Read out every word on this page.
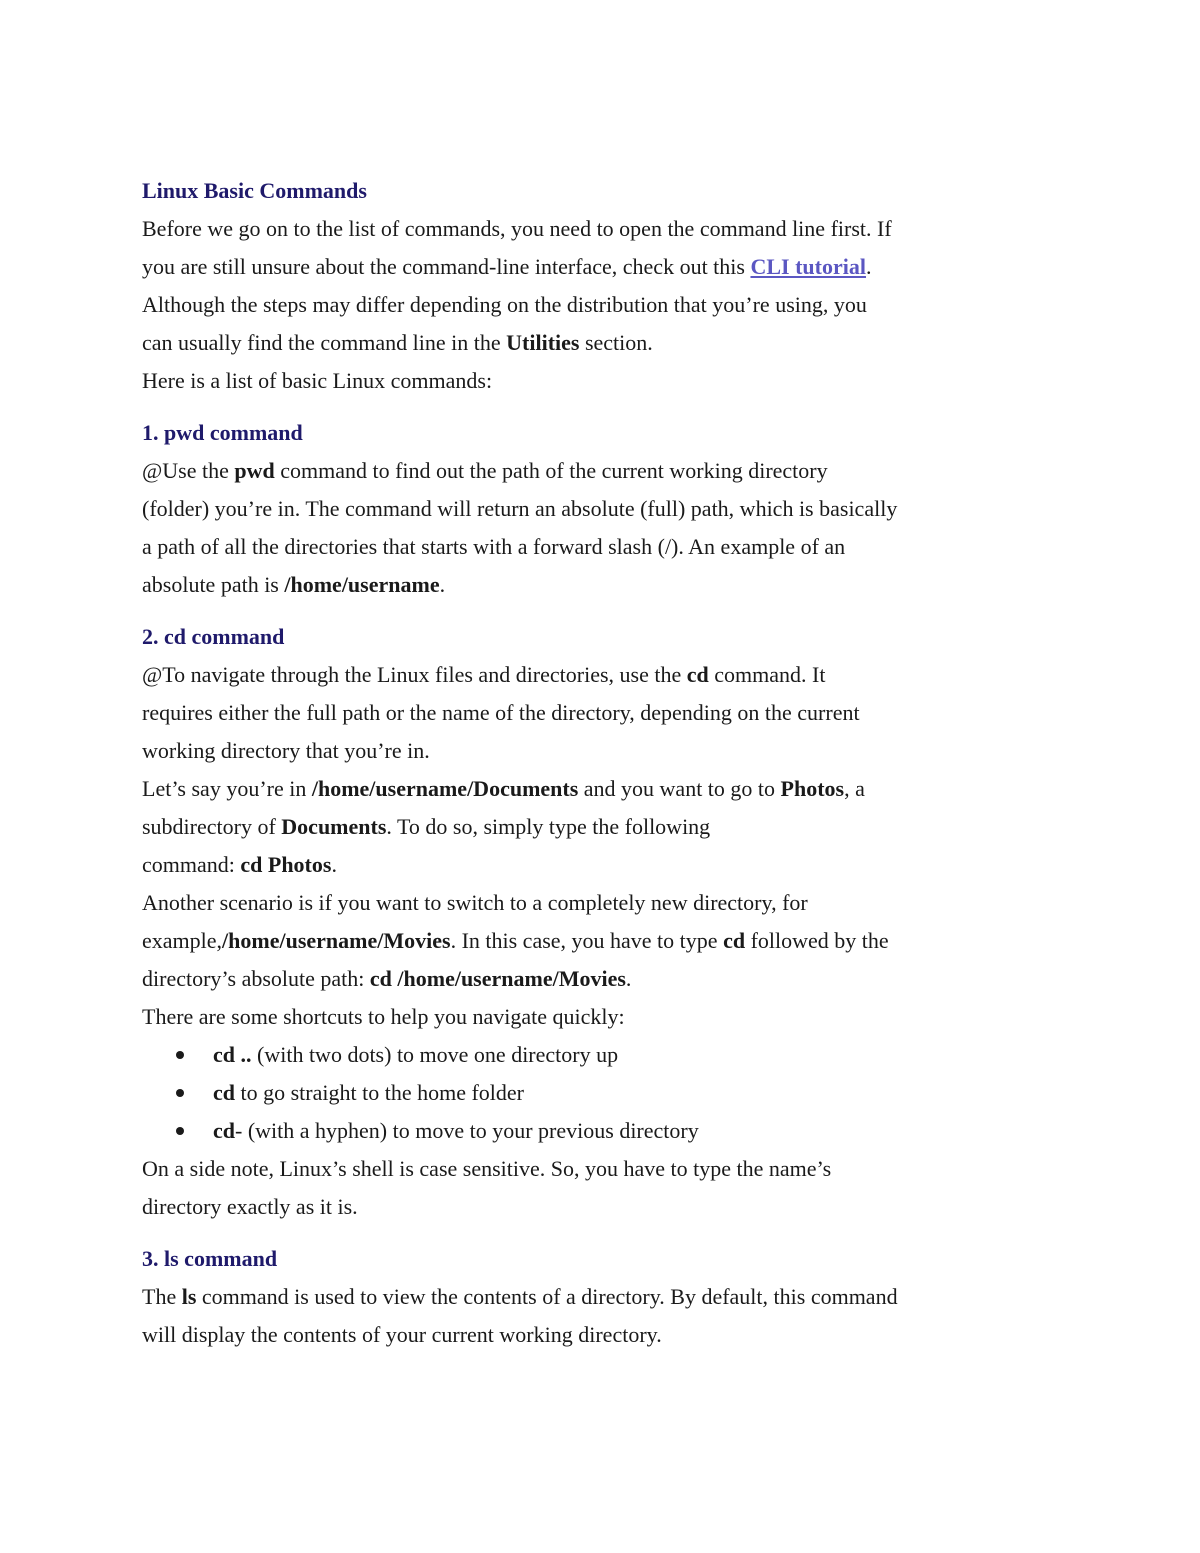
Linux Basic Commands
Before we go on to the list of commands, you need to open the command line first. If
you are still unsure about the command-line interface, check out this CLI tutorial.
Although the steps may differ depending on the distribution that you’re using, you
can usually find the command line in the Utilities section.
Here is a list of basic Linux commands:
1. pwd command
@Use the pwd command to find out the path of the current working directory
(folder) you’re in. The command will return an absolute (full) path, which is basically
a path of all the directories that starts with a forward slash (/). An example of an
absolute path is /home/username.
2. cd command
@To navigate through the Linux files and directories, use the cd command. It
requires either the full path or the name of the directory, depending on the current
working directory that you’re in.
Let’s say you’re in /home/username/Documents and you want to go to Photos, a
subdirectory of Documents. To do so, simply type the following
command: cd Photos.
Another scenario is if you want to switch to a completely new directory, for
example,/home/username/Movies. In this case, you have to type cd followed by the
directory’s absolute path: cd /home/username/Movies.
There are some shortcuts to help you navigate quickly:
cd .. (with two dots) to move one directory up
cd to go straight to the home folder
cd- (with a hyphen) to move to your previous directory
On a side note, Linux’s shell is case sensitive. So, you have to type the name’s
directory exactly as it is.
3. ls command
The ls command is used to view the contents of a directory. By default, this command
will display the contents of your current working directory.
